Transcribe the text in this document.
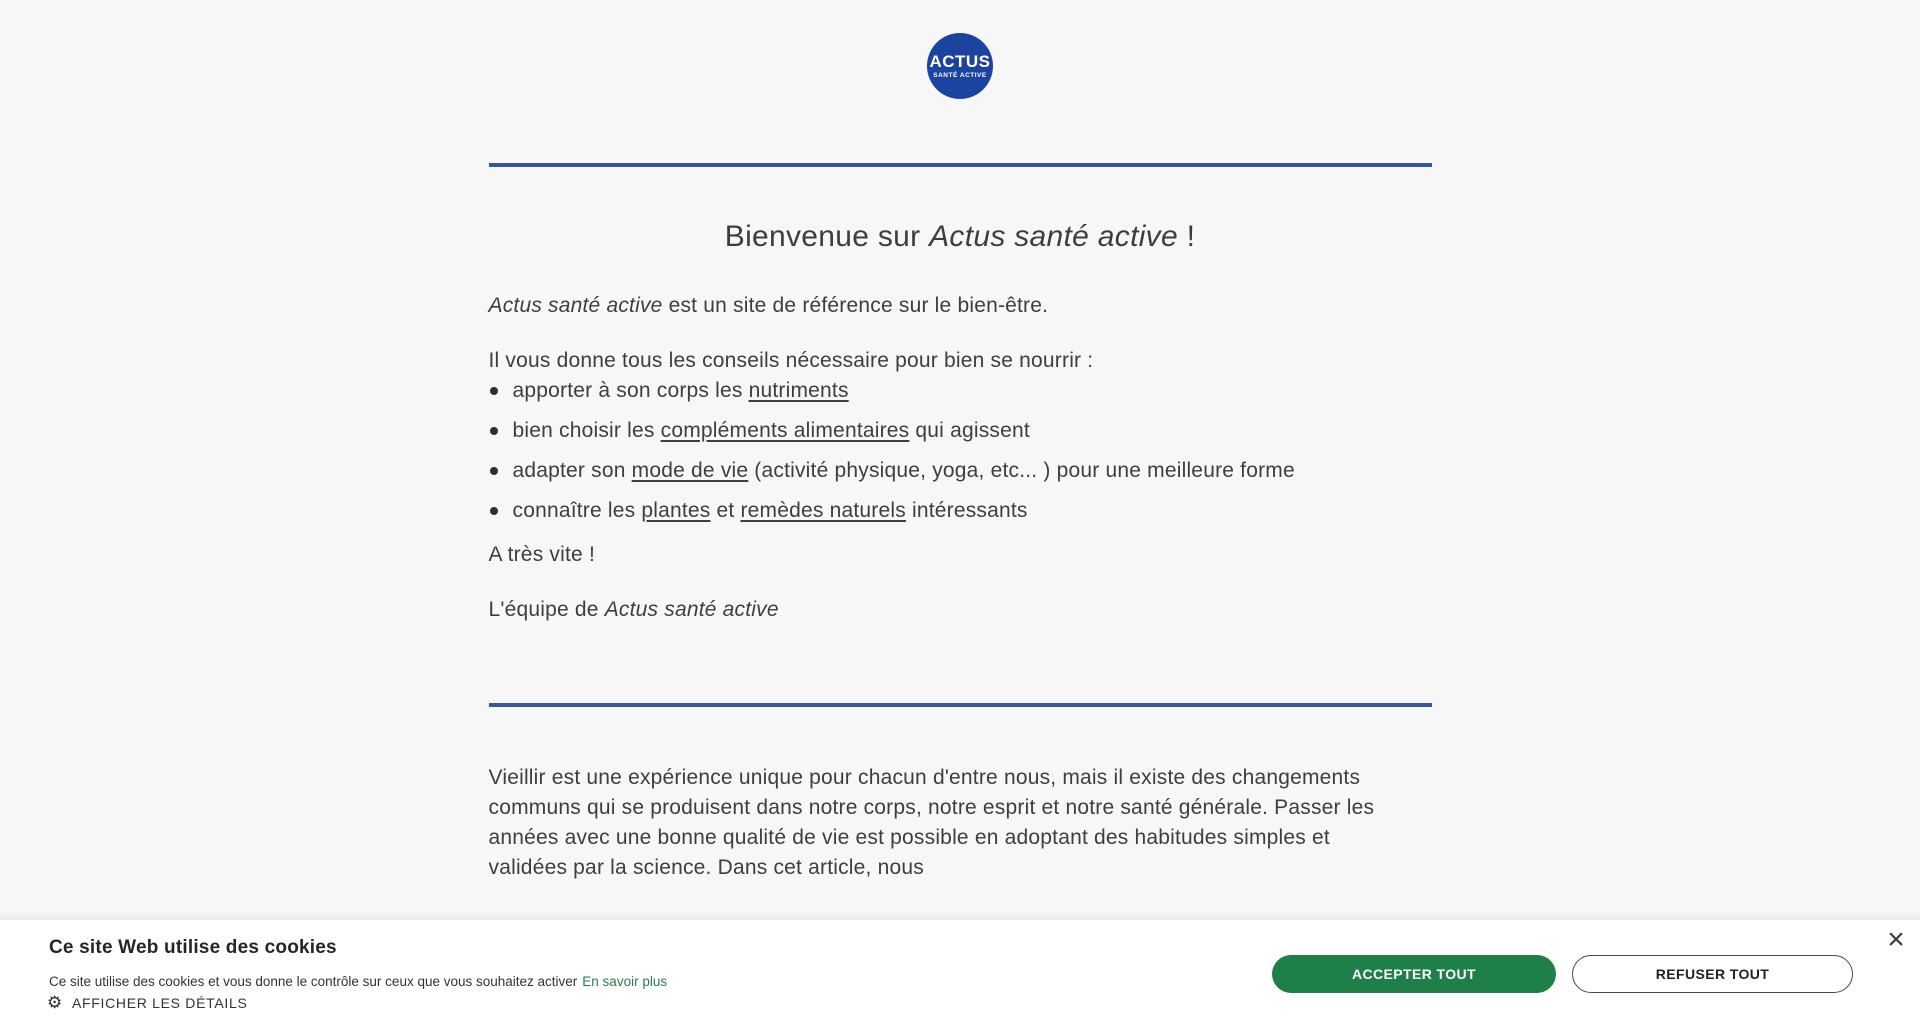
ACTUS
SANTÉ ACTIVE
Bienvenue sur Actus santé active !

Actus santé active est un site de référence sur le bien-être.

Il vous donne tous les conseils nécessaire pour bien se nourrir :

apporter à son corps les nutriments
bien choisir les compléments alimentaires qui agissent
adapter son mode de vie (activité physique, yoga, etc... ) pour une meilleure forme
connaître les plantes et remèdes naturels intéressants

A très vite !

L'équipe de Actus santé active

Vieillir est une expérience unique pour chacun d'entre nous, mais il existe des changements communs qui se produisent dans notre corps, notre esprit et notre santé générale. Passer les années avec une bonne qualité de vie est possible en adoptant des habitudes simples et validées par la science. Dans cet article, nous

Ce site Web utilise des cookies

Ce site utilise des cookies et vous donne le contrôle sur ceux que vous souhaitez activer En savoir plus

⚙ AFFICHER LES DÉTAILS
ACCEPTER TOUT	REFUSER TOUT
×
